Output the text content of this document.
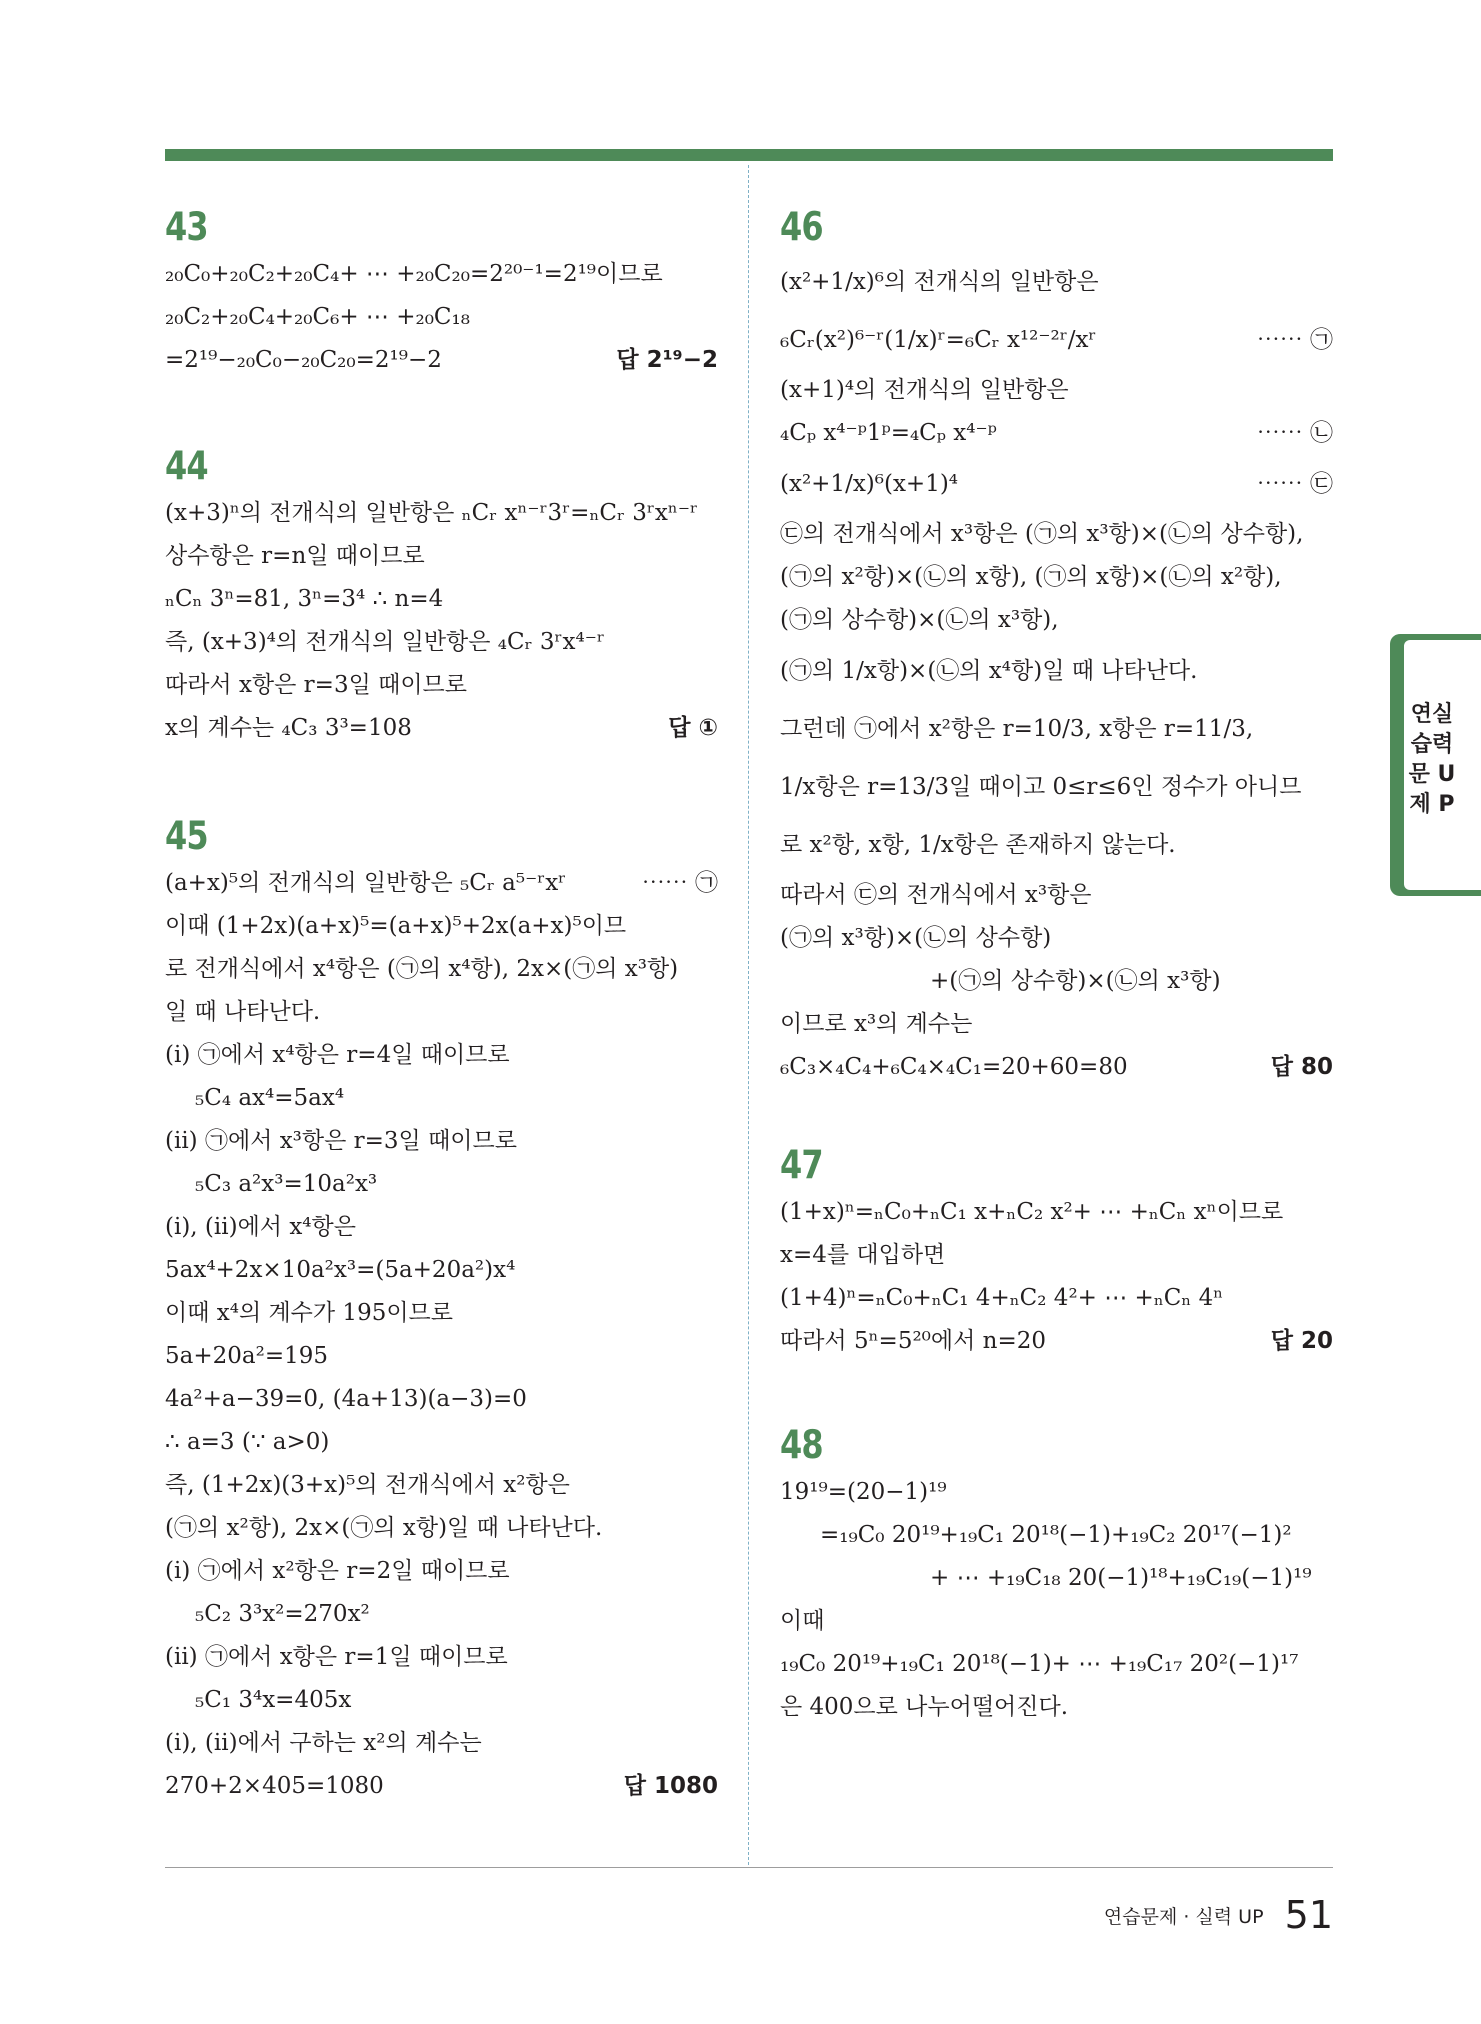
43
₂₀C₀+₂₀C₂+₂₀C₄+ ⋯ +₂₀C₂₀=2²⁰⁻¹=2¹⁹이므로
₂₀C₂+₂₀C₄+₂₀C₆+ ⋯ +₂₀C₁₈
=2¹⁹−₂₀C₀−₂₀C₂₀=2¹⁹−2	답 2¹⁹−2
44
(x+3)ⁿ의 전개식의 일반항은 ₙCᵣ xⁿ⁻ʳ3ʳ=ₙCᵣ 3ʳxⁿ⁻ʳ
상수항은 r=n일 때이므로
ₙCₙ 3ⁿ=81, 3ⁿ=3⁴ ∴ n=4
즉, (x+3)⁴의 전개식의 일반항은 ₄Cᵣ 3ʳx⁴⁻ʳ
따라서 x항은 r=3일 때이므로
x의 계수는 ₄C₃ 3³=108	답 ①
45
(a+x)⁵의 전개식의 일반항은 ₅Cᵣ a⁵⁻ʳxʳ	⋯⋯ ㉠
이때 (1+2x)(a+x)⁵=(a+x)⁵+2x(a+x)⁵이므
로 전개식에서 x⁴항은 (㉠의 x⁴항), 2x×(㉠의 x³항)
일 때 나타난다.
(ⅰ) ㉠에서 x⁴항은 r=4일 때이므로
₅C₄ ax⁴=5ax⁴
(ⅱ) ㉠에서 x³항은 r=3일 때이므로
₅C₃ a²x³=10a²x³
(ⅰ), (ⅱ)에서 x⁴항은
5ax⁴+2x×10a²x³=(5a+20a²)x⁴
이때 x⁴의 계수가 195이므로
5a+20a²=195
4a²+a−39=0, (4a+13)(a−3)=0
∴ a=3 (∵ a>0)
즉, (1+2x)(3+x)⁵의 전개식에서 x²항은
(㉠의 x²항), 2x×(㉠의 x항)일 때 나타난다.
(ⅰ) ㉠에서 x²항은 r=2일 때이므로
₅C₂ 3³x²=270x²
(ⅱ) ㉠에서 x항은 r=1일 때이므로
₅C₁ 3⁴x=405x
(ⅰ), (ⅱ)에서 구하는 x²의 계수는
270+2×405=1080	답 1080
46
(x²+1/x)⁶의 전개식의 일반항은
₆Cᵣ(x²)⁶⁻ʳ(1/x)ʳ=₆Cᵣ x¹²⁻²ʳ/xʳ	⋯⋯ ㉠
(x+1)⁴의 전개식의 일반항은
₄Cₚ x⁴⁻ᵖ1ᵖ=₄Cₚ x⁴⁻ᵖ	⋯⋯ ㉡
(x²+1/x)⁶(x+1)⁴	⋯⋯ ㉢
㉢의 전개식에서 x³항은 (㉠의 x³항)×(㉡의 상수항),
(㉠의 x²항)×(㉡의 x항), (㉠의 x항)×(㉡의 x²항),
(㉠의 상수항)×(㉡의 x³항),
(㉠의 1/x항)×(㉡의 x⁴항)일 때 나타난다.
그런데 ㉠에서 x²항은 r=10/3, x항은 r=11/3,
1/x항은 r=13/3일 때이고 0≤r≤6인 정수가 아니므
로 x²항, x항, 1/x항은 존재하지 않는다.
따라서 ㉢의 전개식에서 x³항은
(㉠의 x³항)×(㉡의 상수항)
+(㉠의 상수항)×(㉡의 x³항)
이므로 x³의 계수는
₆C₃×₄C₄+₆C₄×₄C₁=20+60=80	답 80
47
(1+x)ⁿ=ₙC₀+ₙC₁ x+ₙC₂ x²+ ⋯ +ₙCₙ xⁿ이므로
x=4를 대입하면
(1+4)ⁿ=ₙC₀+ₙC₁ 4+ₙC₂ 4²+ ⋯ +ₙCₙ 4ⁿ
따라서 5ⁿ=5²⁰에서 n=20	답 20
48
19¹⁹=(20−1)¹⁹
=₁₉C₀ 20¹⁹+₁₉C₁ 20¹⁸(−1)+₁₉C₂ 20¹⁷(−1)²
+ ⋯ +₁₉C₁₈ 20(−1)¹⁸+₁₉C₁₉(−1)¹⁹
이때
₁₉C₀ 20¹⁹+₁₉C₁ 20¹⁸(−1)+ ⋯ +₁₉C₁₇ 20²(−1)¹⁷
은 400으로 나누어떨어진다.
연실 습력 문 U 제 P
연습문제 · 실력 UP 51
